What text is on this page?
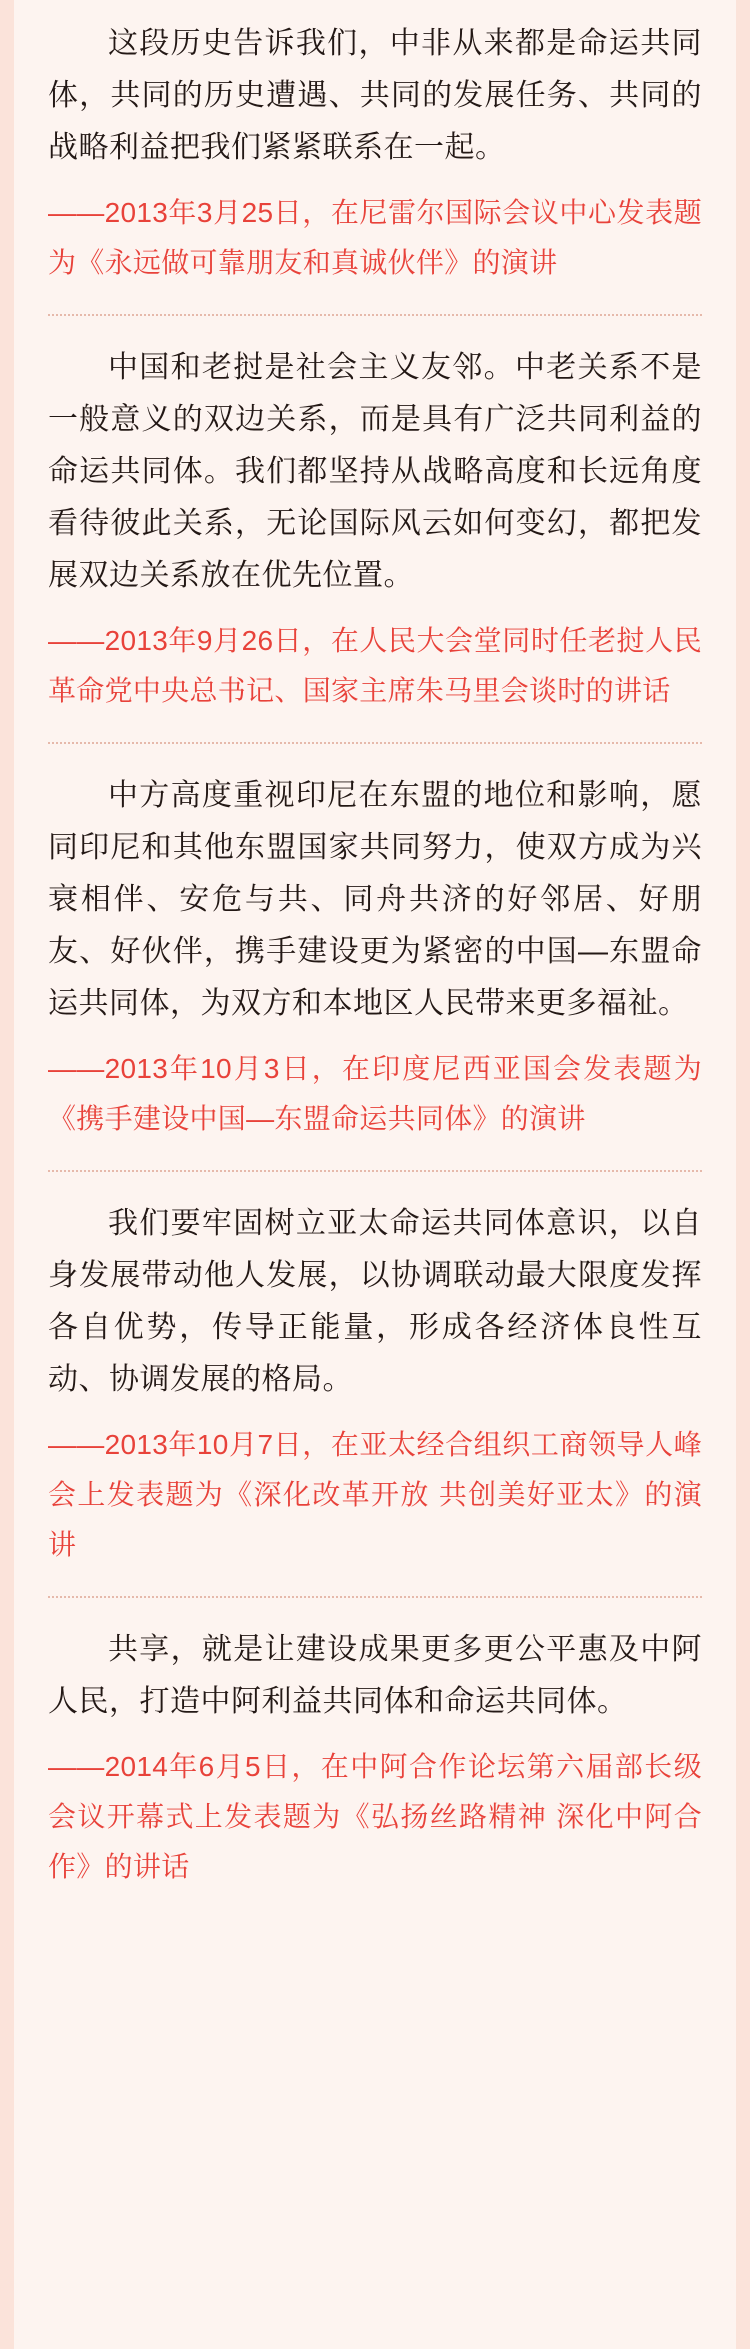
这段历史告诉我们，中非从来都是命运共同体，共同的历史遭遇、共同的发展任务、共同的战略利益把我们紧紧联系在一起。

——2013年3月25日，在尼雷尔国际会议中心发表题为《永远做可靠朋友和真诚伙伴》的演讲

中国和老挝是社会主义友邻。中老关系不是一般意义的双边关系，而是具有广泛共同利益的命运共同体。我们都坚持从战略高度和长远角度看待彼此关系，无论国际风云如何变幻，都把发展双边关系放在优先位置。

——2013年9月26日，在人民大会堂同时任老挝人民革命党中央总书记、国家主席朱马里会谈时的讲话

中方高度重视印尼在东盟的地位和影响，愿同印尼和其他东盟国家共同努力，使双方成为兴衰相伴、安危与共、同舟共济的好邻居、好朋友、好伙伴，携手建设更为紧密的中国—东盟命运共同体，为双方和本地区人民带来更多福祉。

——2013年10月3日，在印度尼西亚国会发表题为《携手建设中国—东盟命运共同体》的演讲

我们要牢固树立亚太命运共同体意识，以自身发展带动他人发展，以协调联动最大限度发挥各自优势，传导正能量，形成各经济体良性互动、协调发展的格局。

——2013年10月7日，在亚太经合组织工商领导人峰会上发表题为《深化改革开放 共创美好亚太》的演讲

共享，就是让建设成果更多更公平惠及中阿人民，打造中阿利益共同体和命运共同体。

——2014年6月5日，在中阿合作论坛第六届部长级会议开幕式上发表题为《弘扬丝路精神 深化中阿合作》的讲话
